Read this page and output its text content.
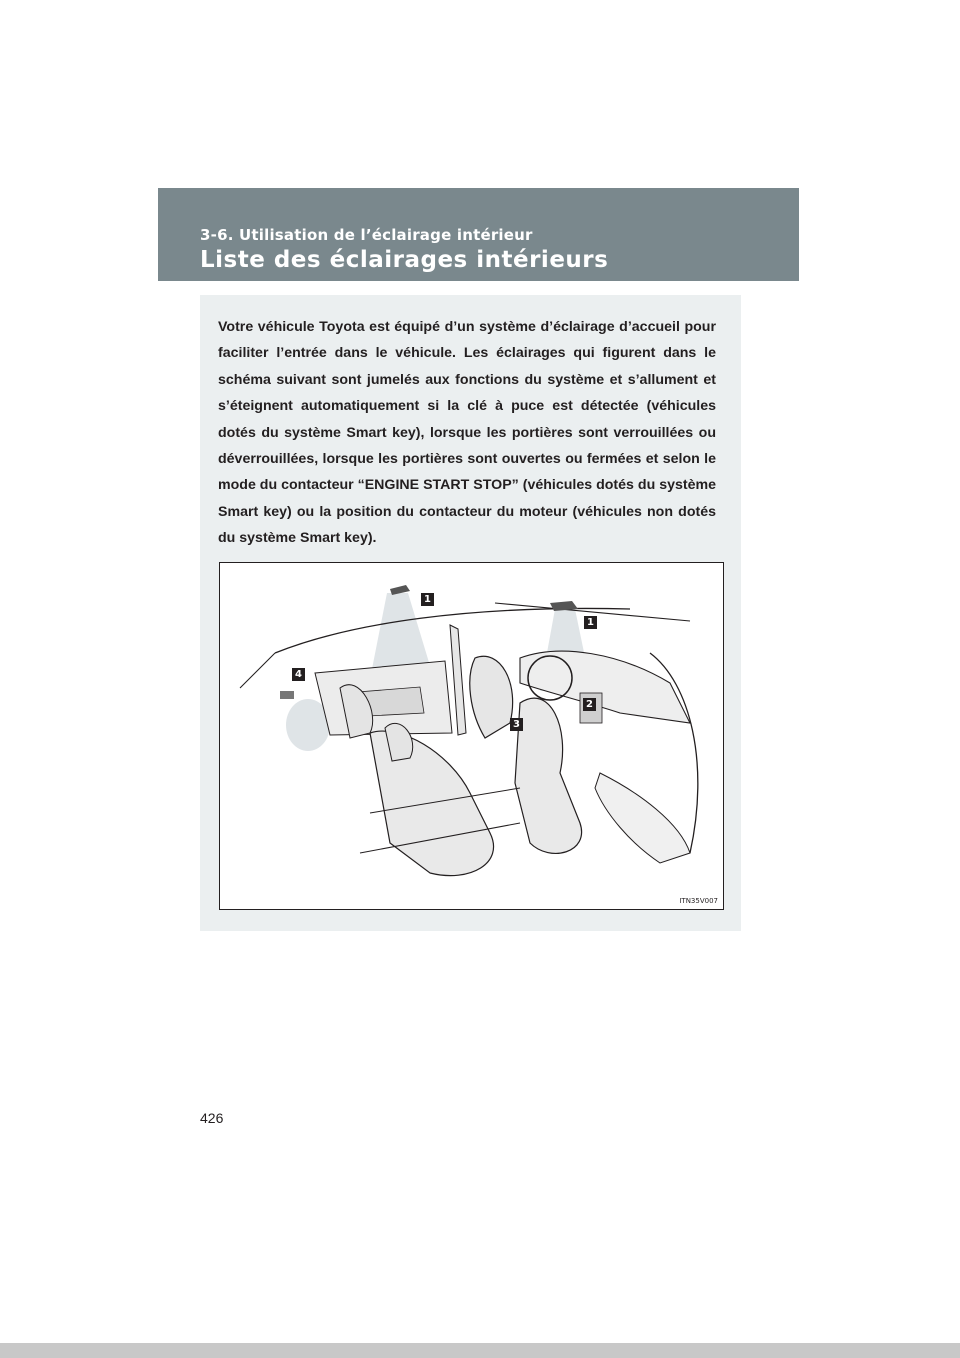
3-6. Utilisation de l’éclairage intérieur
Liste des éclairages intérieurs
Votre véhicule Toyota est équipé d’un système d’éclairage d’accueil pour faciliter l’entrée dans le véhicule. Les éclairages qui figurent dans le schéma suivant sont jumelés aux fonctions du système et s’allument et s’éteignent automatiquement si la clé à puce est détectée (véhicules dotés du système Smart key), lorsque les portières sont verrouillées ou déverrouillées, lorsque les portières sont ouvertes ou fermées et selon le mode du contacteur “ENGINE START STOP” (véhicules dotés du système Smart key) ou la position du contacteur du moteur (véhicules non dotés du système Smart key).
1
1
2
3
4
ITN35V007
426
